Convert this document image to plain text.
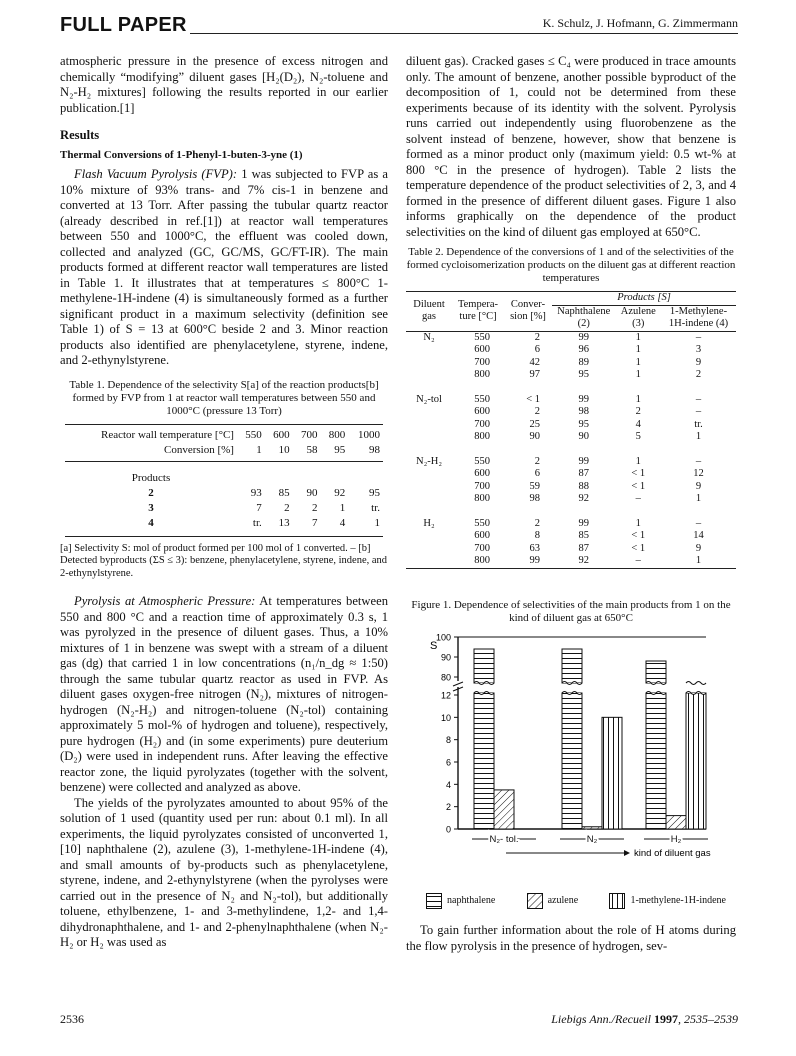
FULL PAPER	K. Schulz, J. Hofmann, G. Zimmermann

atmospheric pressure in the presence of excess nitrogen and chemically “modifying” diluent gases [H₂(D₂), N₂-toluene and N₂-H₂ mixtures] following the results reported in our earlier publication.[1]

Results
Thermal Conversions of 1-Phenyl-1-buten-3-yne (1)

Flash Vacuum Pyrolysis (FVP): 1 was subjected to FVP as a 10% mixture of 93% trans- and 7% cis-1 in benzene and converted at 13 Torr. After passing the tubular quartz reactor (already described in ref.[1]) at reactor wall temperatures between 550 and 1000°C, the effluent was cooled down, collected and analyzed (GC, GC/MS, GC/FT-IR). The main products formed at different reactor wall temperatures are listed in Table 1. It illustrates that at temperatures ≤ 800°C 1-methylene-1H-indene (4) is simultaneously formed as a further significant product in a maximum selectivity (definition see Table 1) of S = 13 at 600°C beside 2 and 3. Minor reaction products also identified are phenylacetylene, styrene, indene, and 2-ethynylstyrene.

Table 1. Dependence of the selectivity S[a] of the reaction products[b] formed by FVP from 1 at reactor wall temperatures between 550 and 1000°C (pressure 13 Torr)
Reactor wall temperature [°C]	550	600	700	800	1000
Conversion [%]	1	10	58	95	98
Products					
2	93	85	90	92	95
3	7	2	2	1	tr.
4	tr.	13	7	4	1
[a] Selectivity S: mol of product formed per 100 mol of 1 converted. – [b] Detected byproducts (ΣS ≤ 3): benzene, phenylacetylene, styrene, indene, and 2-ethynylstyrene.

Pyrolysis at Atmospheric Pressure: At temperatures between 550 and 800 °C and a reaction time of approximately 0.3 s, 1 was pyrolyzed in the presence of diluent gases. Thus, a 10% mixtures of 1 in benzene was swept with a stream of a diluent gas (dg) that carried 1 in low concentrations (n₁/n_dg ≈ 1:50) through the same tubular quartz reactor as used in FVP. As diluent gases oxygen-free nitrogen (N₂), mixtures of nitrogen-hydrogen (N₂-H₂) and nitrogen-toluene (N₂-tol) containing approximately 5 mol-% of hydrogen and toluene), respectively, pure hydrogen (H₂) and (in some experiments) pure deuterium (D₂) were used in independent runs. After leaving the effective reactor zone, the liquid pyrolyzates (together with the solvent, benzene) were collected and analyzed as above.

The yields of the pyrolyzates amounted to about 95% of the solution of 1 used (quantity used per run: about 0.1 ml). In all experiments, the liquid pyrolyzates consisted of unconverted 1,[10] naphthalene (2), azulene (3), 1-methylene-1H-indene (4), and small amounts of by-products such as phenylacetylene, styrene, indene, and 2-ethynylstyrene (when the pyrolyses were carried out in the presence of N₂ and N₂-tol), but additionally toluene, ethylbenzene, 1- and 3-methylindene, 1,2- and 1,4-dihydronaphthalene, and 1- and 2-phenylnaphthalene (when N₂-H₂ or H₂ was used as

diluent gas). Cracked gases ≤ C₄ were produced in trace amounts only. The amount of benzene, another possible byproduct of the decomposition of 1, could not be determined from these experiments because of its identity with the solvent. Pyrolysis runs carried out independently using fluorobenzene as the solvent instead of benzene, however, show that benzene is formed as a minor product only (maximum yield: 0.5 wt-% at 800 °C in the presence of hydrogen). Table 2 lists the temperature dependence of the product selectivities of 2, 3, and 4 formed in the presence of different diluent gases. Figure 1 also informs graphically on the dependence of the product selectivities on the kind of diluent gas employed at 650°C.

Table 2. Dependence of the conversions of 1 and of the selectivities of the formed cycloisomerization products on the diluent gas at different reaction temperatures
Diluent gas	Tempera-ture [°C]	Conver-sion [%]	Products [S]		
			Naphthalene (2)	Azulene (3)	1-Methylene-1H-indene (4)
N₂	550	2	99	1	–
	600	6	96	1	3
	700	42	89	1	9
	800	97	95	1	2

N₂-tol	550	< 1	99	1	–
	600	2	98	2	–
	700	25	95	4	tr.
	800	90	90	5	1

N₂-H₂	550	2	99	1	–
	600	6	87	< 1	12
	700	59	88	< 1	9
	800	98	92	–	1

H₂	550	2	99	1	–
	600	8	85	< 1	14
	700	63	87	< 1	9
	800	99	92	–	1
Figure 1. Dependence of selectivities of the main products from 1 on the kind of diluent gas at 650°C
S
0
2
4
6
8
10
12
80
90
100
N₂- tol.	N₂	H₂
kind of diluent gas
naphthalene	azulene	1-methylene-1H-indene

To gain further information about the role of H atoms during the flow pyrolysis in the presence of hydrogen, sev-

2536	Liebigs Ann./Recueil 1997, 2535–2539
